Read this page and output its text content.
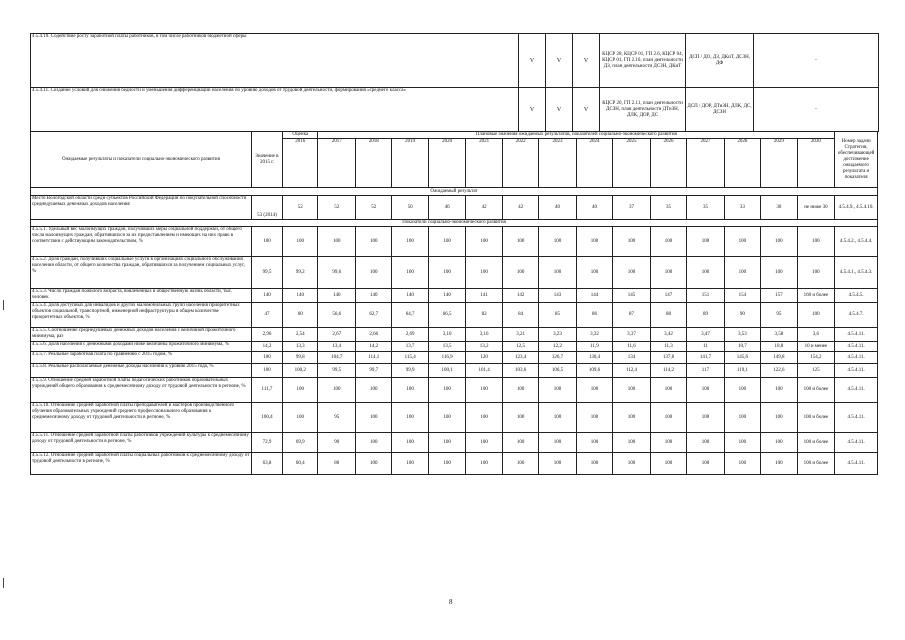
4.5.4.10. Содействие росту заработной платы работников, в том числе работников бюджетной сферы	V	V	V	КЦСР 28, КЦСР 01, ГП 2.6, КЦСР 04, КЦСР 01, ГП 2.10, план деятельности ДЗ, план деятельности ДСЗН, ДКиТ	ДСП / ДО, ДЗ, ДКиТ, ДСЗН, ДФ	-
4.5.4.11. Создание условий для снижения бедности и уменьшения дифференциации населения по уровню доходов от трудовой деятельности, формирования «среднего класса»	V	V	V	КЦСР 20, ГП 2.11, план деятельности ДСЗН, план деятельности ДТиЗН, ДЛК, ДОР, ДС	ДСП / ДОР, ДТиЗН, ДЛК, ДС, ДСЗН	-
Ожидаемые результаты и показатели социально-экономического развития	Значение в 2015 г.	Оценка	Плановые значения ожидаемых результатов, показателей социально-экономического развития														Номер задачи Стратегии, обеспечивающей достижение ожидаемого результата и показателя
		2016	2017	2018	2019	2020	2021	2022	2023	2024	2025	2026	2027	2028	2029	2030	
Ожидаемый результат																	
Место Вологодской области среди субъектов Российской Федерации по покупательной способности среднедушевых денежных доходов населения	53 (2014)	52	52	52	50	46	42	42	40	40	37	35	35	33	30	не ниже 30	4.5.4.9., 4.5.4.10.
Показатели социально-экономического развития																	
4.5.5.1. Удельный вес малоимущих граждан, получивших меры социальной поддержки, от общего числа малоимущих граждан, обратившихся за их предоставлением и имеющих на них право в соответствии с действующим законодательством, %	100	100	100	100	100	100	100	100	100	100	100	100	100	100	100	100	4.5.4.2., 4.5.4.4.
4.5.5.2. Доля граждан, получивших социальные услуги в организациях социального обслуживания населения области, от общего количества граждан, обратившихся за получением социальных услуг, %	99,5	99,2	99,6	100	100	100	100	100	100	100	100	100	100	100	100	100	4.5.4.1., 4.5.4.3.
4.5.5.3. Число граждан пожилого возраста, вовлеченных в общественную жизнь области, тыс. человек	140	140	140	140	140	140	141	142	143	144	145	147	151	154	157	160 и более	4.5.4.5.
4.5.5.4. Доля доступных для инвалидов и других маломобильных групп населения приоритетных объектов социальной, транспортной, инженерной инфраструктуры в общем количестве приоритетных объектов, %	47	60	56,6	62,7	64,7	66,5	82	84	85	86	87	88	89	90	95	100	4.5.4.7.
4.5.5.5. Соотношение среднедушевых денежных доходов населения с величиной прожиточного минимума, раз	2,96	2,54	2,67	2,66	2,69	3,10	3,16	3,21	3,23	3,32	3,37	3,42	3,47	3,53	3,58	3,6	4.5.4.11.
4.5.5.6. Доля населения с денежными доходами ниже величины прожиточного минимума, %	14,2	13,3	13,4	14,2	13,7	13,5	13,2	12,5	12,2	11,9	11,6	11,3	11	10,7	10,8	10 и менее	4.5.4.11.
4.5.5.7. Реальные заработная плата по сравнению с 2015 годом, %	100	99,8	104,7	114,1	115,4	116,9	120	123,4	126,7	130,4	134	137,8	141,7	145,6	149,8	154,2	4.5.4.11.
4.5.5.8. Реальные располагаемые денежные доходы населения к уровню 2015 года, %	100	100,2	99,5	99,7	99,9	100,1	101,4	103,6	106,5	109,6	112,4	114,2	117	119,1	122,6	125	4.5.4.11.
4.5.5.9. Отношение средней заработной платы педагогических работников образовательных учреждений общего образования к среднемесячному доходу от трудовой деятельности в регионе, %	111,7	100	100	100	100	100	100	100	100	100	100	100	100	100	100	100 и более	4.5.4.11.
4.5.5.10. Отношение средней заработной платы преподавателей и мастеров производственного обучения образовательных учреждений среднего профессионального образования к среднемесячному доходу от трудовой деятельности в регионе, %	100,4	100	95	100	100	100	100	100	100	100	100	100	100	100	100	100 и более	4.5.4.11.
4.5.5.11. Отношение средней заработной платы работников учреждений культуры к среднемесячному доходу от трудовой деятельности в регионе, %	72,9	69,9	90	100	100	100	100	100	100	100	100	100	100	100	100	100 и более	4.5.4.11.
4.5.5.12. Отношение средней заработной платы социальных работников к среднемесячному доходу от трудовой деятельности в регионе, %	63,8	60,4	80	100	100	100	100	100	100	100	100	100	100	100	100	100 и более	4.5.4.11.
8
